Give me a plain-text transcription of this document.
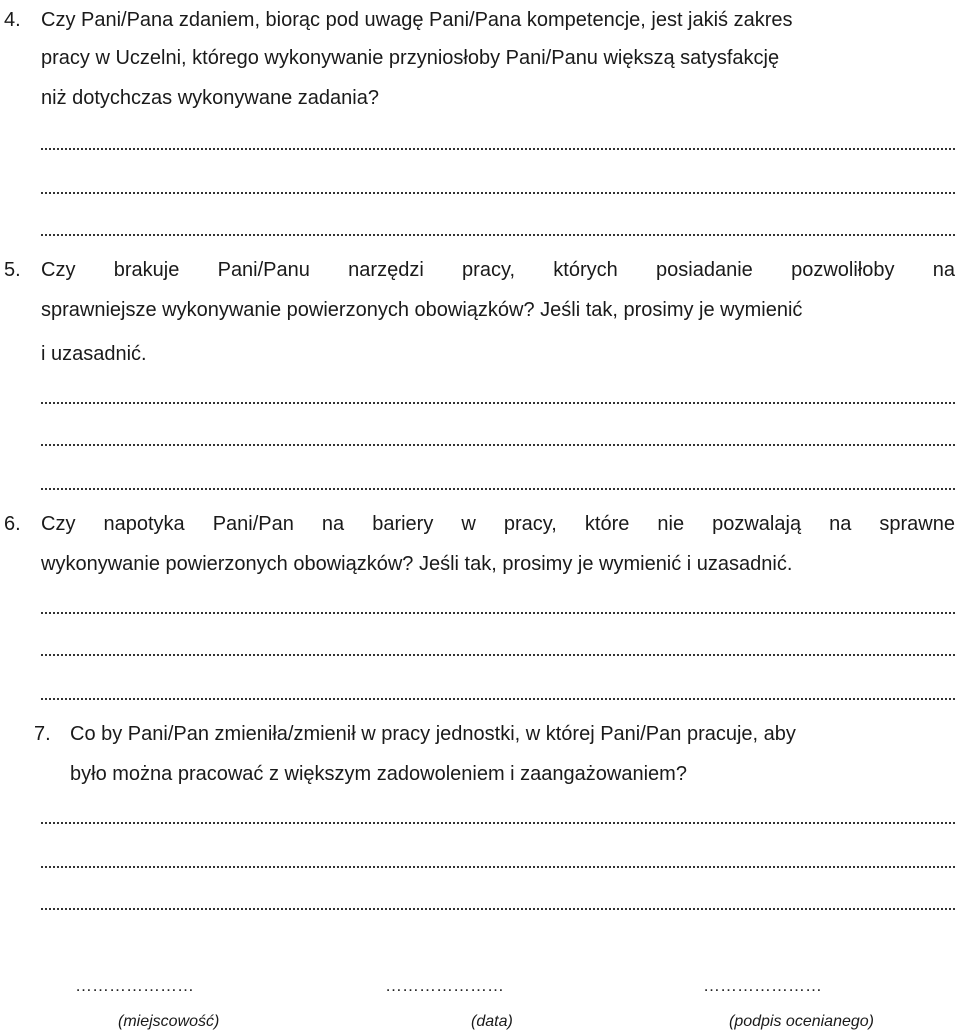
4. Czy Pani/Pana zdaniem, biorąc pod uwagę Pani/Pana kompetencje, jest jakiś zakres
pracy w Uczelni, którego wykonywanie przyniosłoby Pani/Panu większą satysfakcję
niż dotychczas wykonywane zadania?
5. Czy brakuje Pani/Panu narzędzi pracy, których posiadanie pozwoliłoby na
sprawniejsze wykonywanie powierzonych obowiązków? Jeśli tak, prosimy je wymienić
i uzasadnić.
6. Czy napotyka Pani/Pan na bariery w pracy, które nie pozwalają na sprawne
wykonywanie powierzonych obowiązków? Jeśli tak, prosimy je wymienić i uzasadnić.
7. Co by Pani/Pan zmieniła/zmienił w pracy jednostki, w której Pani/Pan pracuje, aby
było można pracować z większym zadowoleniem i zaangażowaniem?
…………………	…………………	…………………
(miejscowość)	(data)	(podpis ocenianego)
